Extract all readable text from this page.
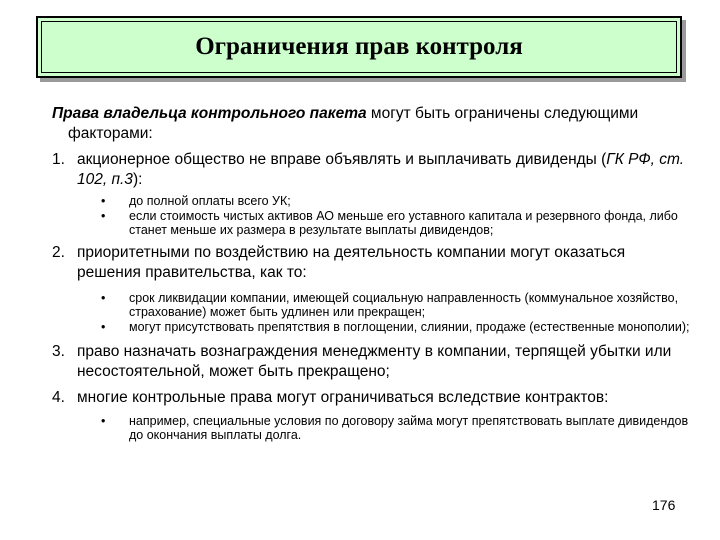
Ограничения прав контроля

Права владельца контрольного пакета могут быть ограничены следующими факторами:

1. акционерное общество не вправе объявлять и выплачивать дивиденды (ГК РФ, ст. 102, п.3):
•	до полной оплаты всего УК;
•	если стоимость чистых активов АО меньше его уставного капитала и резервного фонда, либо станет меньше их размера в результате выплаты дивидендов;
2. приоритетными по воздействию на деятельность компании могут оказаться решения правительства, как то:
•	срок ликвидации компании, имеющей социальную направленность (коммунальное хозяйство, страхование) может быть удлинен или прекращен;
•	могут присутствовать препятствия в поглощении, слиянии, продаже (естественные монополии);
3. право назначать вознаграждения менеджменту в компании, терпящей убытки или несостоятельной, может быть прекращено;
4. многие контрольные права могут ограничиваться вследствие контрактов:
•	например, специальные условия по договору займа могут препятствовать выплате дивидендов до окончания выплаты долга.
176
